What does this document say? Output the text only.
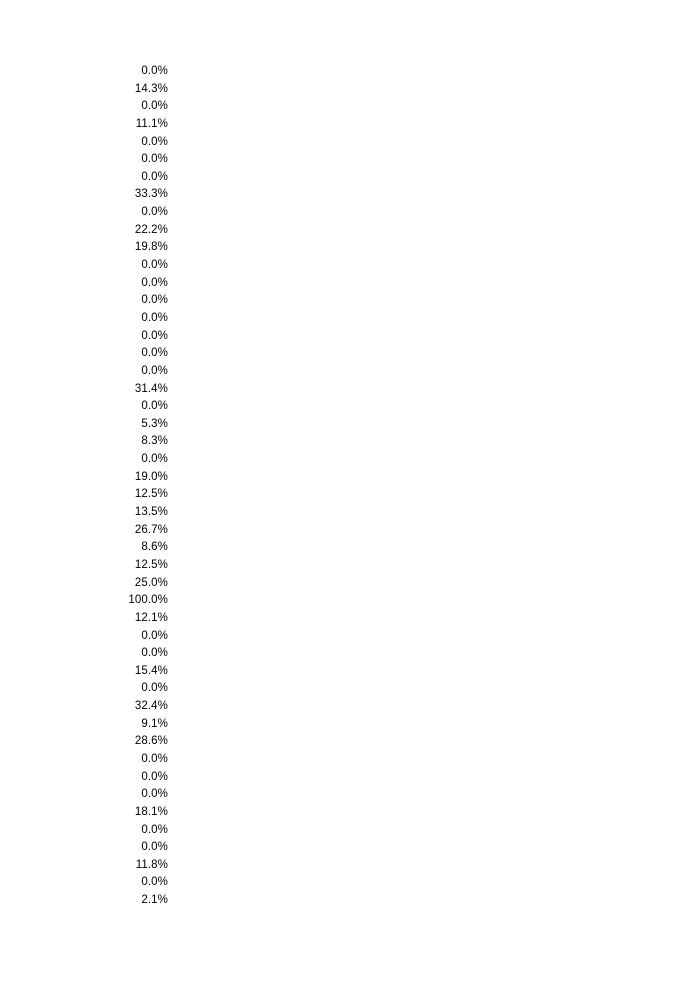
0.0%
14.3%
0.0%
11.1%
0.0%
0.0%
0.0%
33.3%
0.0%
22.2%
19.8%
0.0%
0.0%
0.0%
0.0%
0.0%
0.0%
0.0%
31.4%
0.0%
5.3%
8.3%
0.0%
19.0%
12.5%
13.5%
26.7%
8.6%
12.5%
25.0%
100.0%
12.1%
0.0%
0.0%
15.4%
0.0%
32.4%
9.1%
28.6%
0.0%
0.0%
0.0%
18.1%
0.0%
0.0%
11.8%
0.0%
2.1%
